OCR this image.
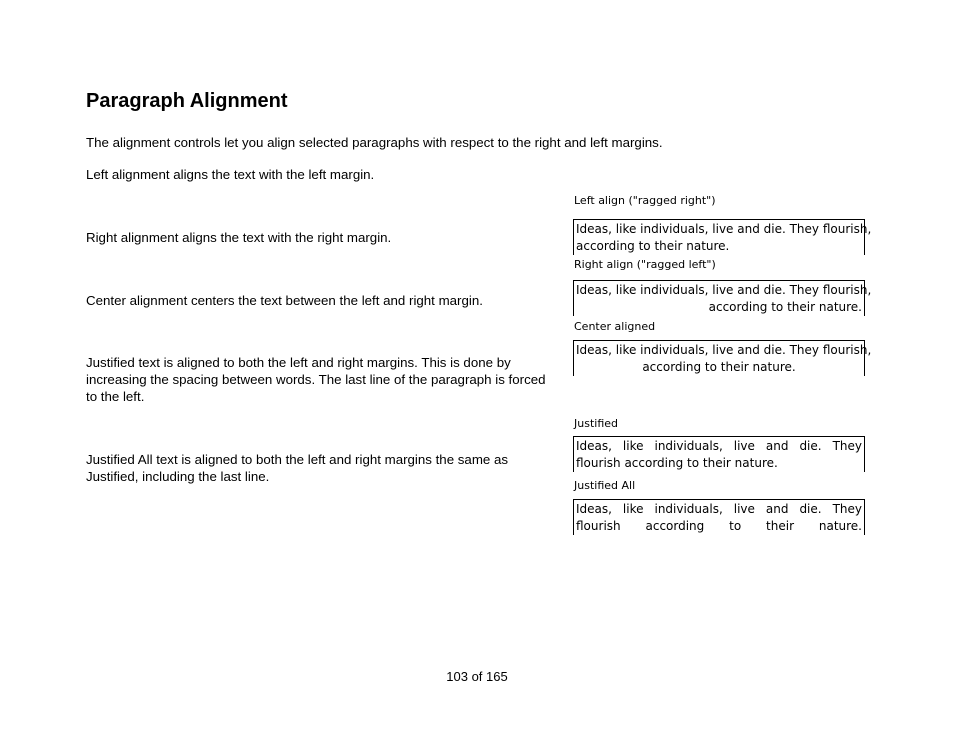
Paragraph Alignment

The alignment controls let you align selected paragraphs with respect to the right and left margins.

Left alignment aligns the text with the left margin.

Right alignment aligns the text with the right margin.

Center alignment centers the text between the left and right margin.

Justified text is aligned to both the left and right margins. This is done by increasing the spacing between words. The last line of the paragraph is forced to the left.

Justified All text is aligned to both the left and right margins the same as Justified, including the last line.

Left align ("ragged right")
Ideas, like individuals, live and die. They flourish,
according to their nature.
Right align ("ragged left")
Ideas, like individuals, live and die. They flourish,
according to their nature.
Center aligned
Ideas, like individuals, live and die. They flourish,
according to their nature.
Justified
Ideas, like individuals, live and die. They flourish according to their nature.
Justified All
Ideas, like individuals, live and die. They flourish according to their nature.
103 of 165
